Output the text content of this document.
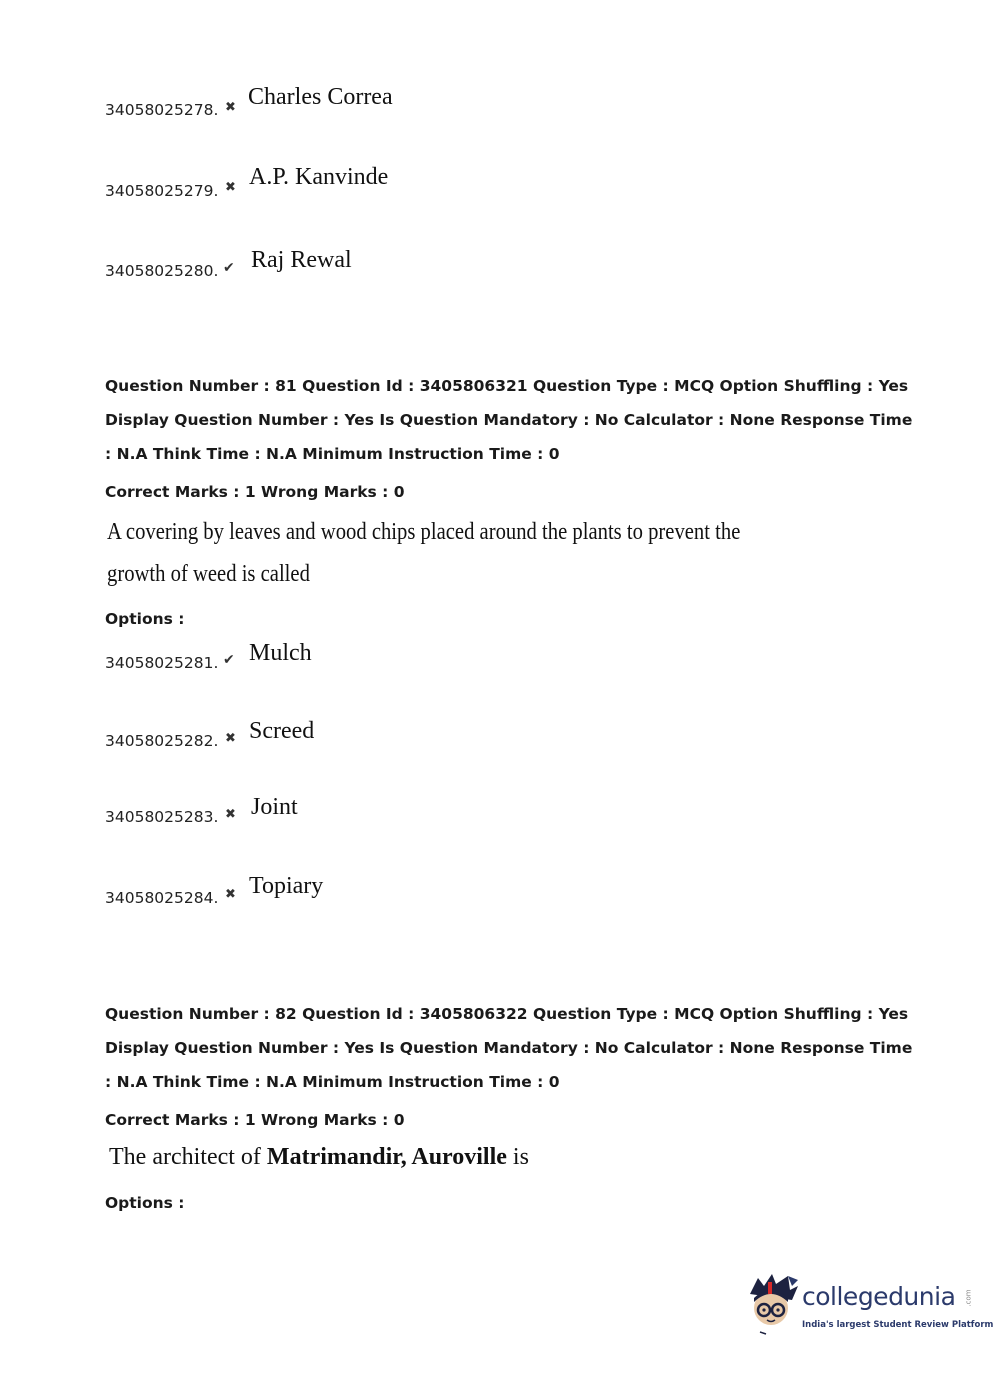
34058025278. ✖ Charles Correa
34058025279. ✖ A.P. Kanvinde
34058025280. ✔ Raj Rewal
Question Number : 81 Question Id : 3405806321 Question Type : MCQ Option Shuffling : Yes
Display Question Number : Yes Is Question Mandatory : No Calculator : None Response Time
: N.A Think Time : N.A Minimum Instruction Time : 0
Correct Marks : 1 Wrong Marks : 0
A covering by leaves and wood chips placed around the plants to prevent the
growth of weed is called
Options :
34058025281. ✔ Mulch
34058025282. ✖ Screed
34058025283. ✖ Joint
34058025284. ✖ Topiary
Question Number : 82 Question Id : 3405806322 Question Type : MCQ Option Shuffling : Yes
Display Question Number : Yes Is Question Mandatory : No Calculator : None Response Time
: N.A Think Time : N.A Minimum Instruction Time : 0
Correct Marks : 1 Wrong Marks : 0
The architect of Matrimandir, Auroville is
Options :
collegedunia .com
India's largest Student Review Platform
